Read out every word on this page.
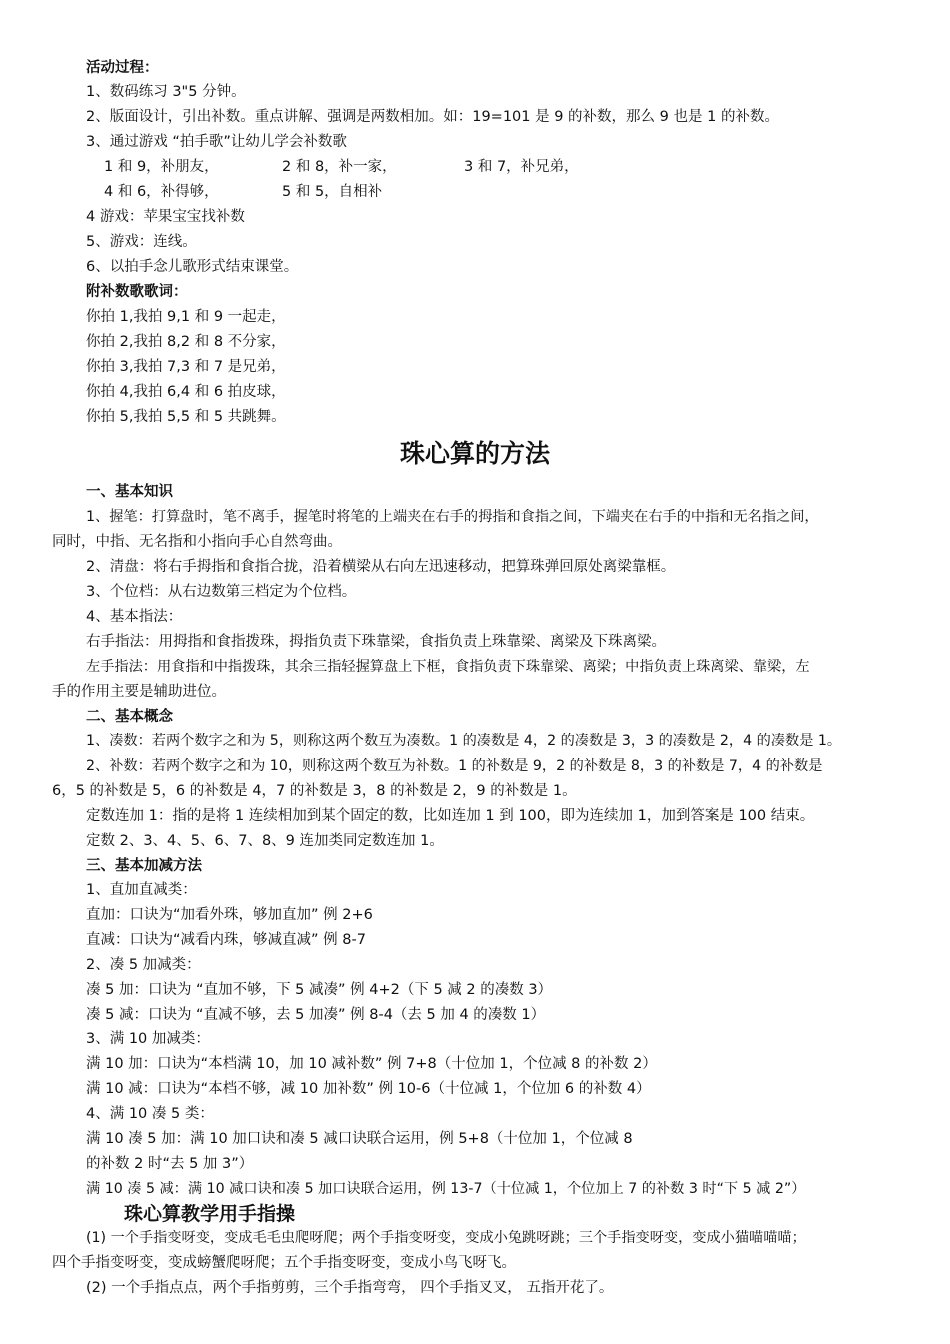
活动过程：
1、数码练习 3"5 分钟。
2、版面设计，引出补数。重点讲解、强调是两数相加。如：19=101 是 9 的补数，那么 9 也是 1 的补数。
3、通过游戏 “拍手歌”让幼儿学会补数歌
1 和 9，补朋友，	2 和 8，补一家，	3 和 7，补兄弟，
4 和 6，补得够，	5 和 5，自相补
4 游戏：苹果宝宝找补数
5、游戏：连线。
6、以拍手念儿歌形式结束课堂。
附补数歌歌词：
你拍 1,我拍 9,1 和 9 一起走，
你拍 2,我拍 8,2 和 8 不分家，
你拍 3,我拍 7,3 和 7 是兄弟，
你拍 4,我拍 6,4 和 6 拍皮球，
你拍 5,我拍 5,5 和 5 共跳舞。
珠心算的方法
一、基本知识
1、握笔：打算盘时，笔不离手，握笔时将笔的上端夹在右手的拇指和食指之间，下端夹在右手的中指和无名指之间，
同时，中指、无名指和小指向手心自然弯曲。
2、清盘：将右手拇指和食指合拢，沿着横梁从右向左迅速移动，把算珠弹回原处离梁靠框。
3、个位档：从右边数第三档定为个位档。
4、基本指法：
右手指法：用拇指和食指拨珠，拇指负责下珠靠梁，食指负责上珠靠梁、离梁及下珠离梁。
左手指法：用食指和中指拨珠，其余三指轻握算盘上下框，食指负责下珠靠梁、离梁；中指负责上珠离梁、靠梁，左
手的作用主要是辅助进位。
二、基本概念
1、凑数：若两个数字之和为 5，则称这两个数互为凑数。1 的凑数是 4，2 的凑数是 3，3 的凑数是 2，4 的凑数是 1。
2、补数：若两个数字之和为 10，则称这两个数互为补数。1 的补数是 9，2 的补数是 8，3 的补数是 7，4 的补数是
6，5 的补数是 5，6 的补数是 4，7 的补数是 3，8 的补数是 2，9 的补数是 1。
定数连加 1：指的是将 1 连续相加到某个固定的数，比如连加 1 到 100，即为连续加 1，加到答案是 100 结束。
定数 2、3、4、5、6、7、8、9 连加类同定数连加 1。
三、基本加减方法
1、直加直减类：
直加：口诀为“加看外珠，够加直加” 例 2+6
直减：口诀为“减看内珠，够减直减” 例 8-7
2、凑 5 加减类：
凑 5 加：口诀为 “直加不够，下 5 减凑” 例 4+2（下 5 减 2 的凑数 3）
凑 5 减：口诀为 “直减不够，去 5 加凑” 例 8-4（去 5 加 4 的凑数 1）
3、满 10 加减类：
满 10 加：口诀为“本档满 10，加 10 减补数” 例 7+8（十位加 1，个位减 8 的补数 2）
满 10 减：口诀为“本档不够，减 10 加补数” 例 10-6（十位减 1，个位加 6 的补数 4）
4、满 10 凑 5 类：
满 10 凑 5 加：满 10 加口诀和凑 5 减口诀联合运用，例 5+8（十位加 1，个位减 8
的补数 2 时“去 5 加 3”）
满 10 凑 5 减：满 10 减口诀和凑 5 加口诀联合运用，例 13-7（十位减 1，个位加上 7 的补数 3 时“下 5 减 2”）
珠心算教学用手指操
(1) 一个手指变呀变，变成毛毛虫爬呀爬；两个手指变呀变，变成小兔跳呀跳；三个手指变呀变，变成小猫喵喵喵；
四个手指变呀变，变成螃蟹爬呀爬；五个手指变呀变，变成小鸟飞呀飞。
(2) 一个手指点点，两个手指剪剪，三个手指弯弯， 四个手指叉叉， 五指开花了。
